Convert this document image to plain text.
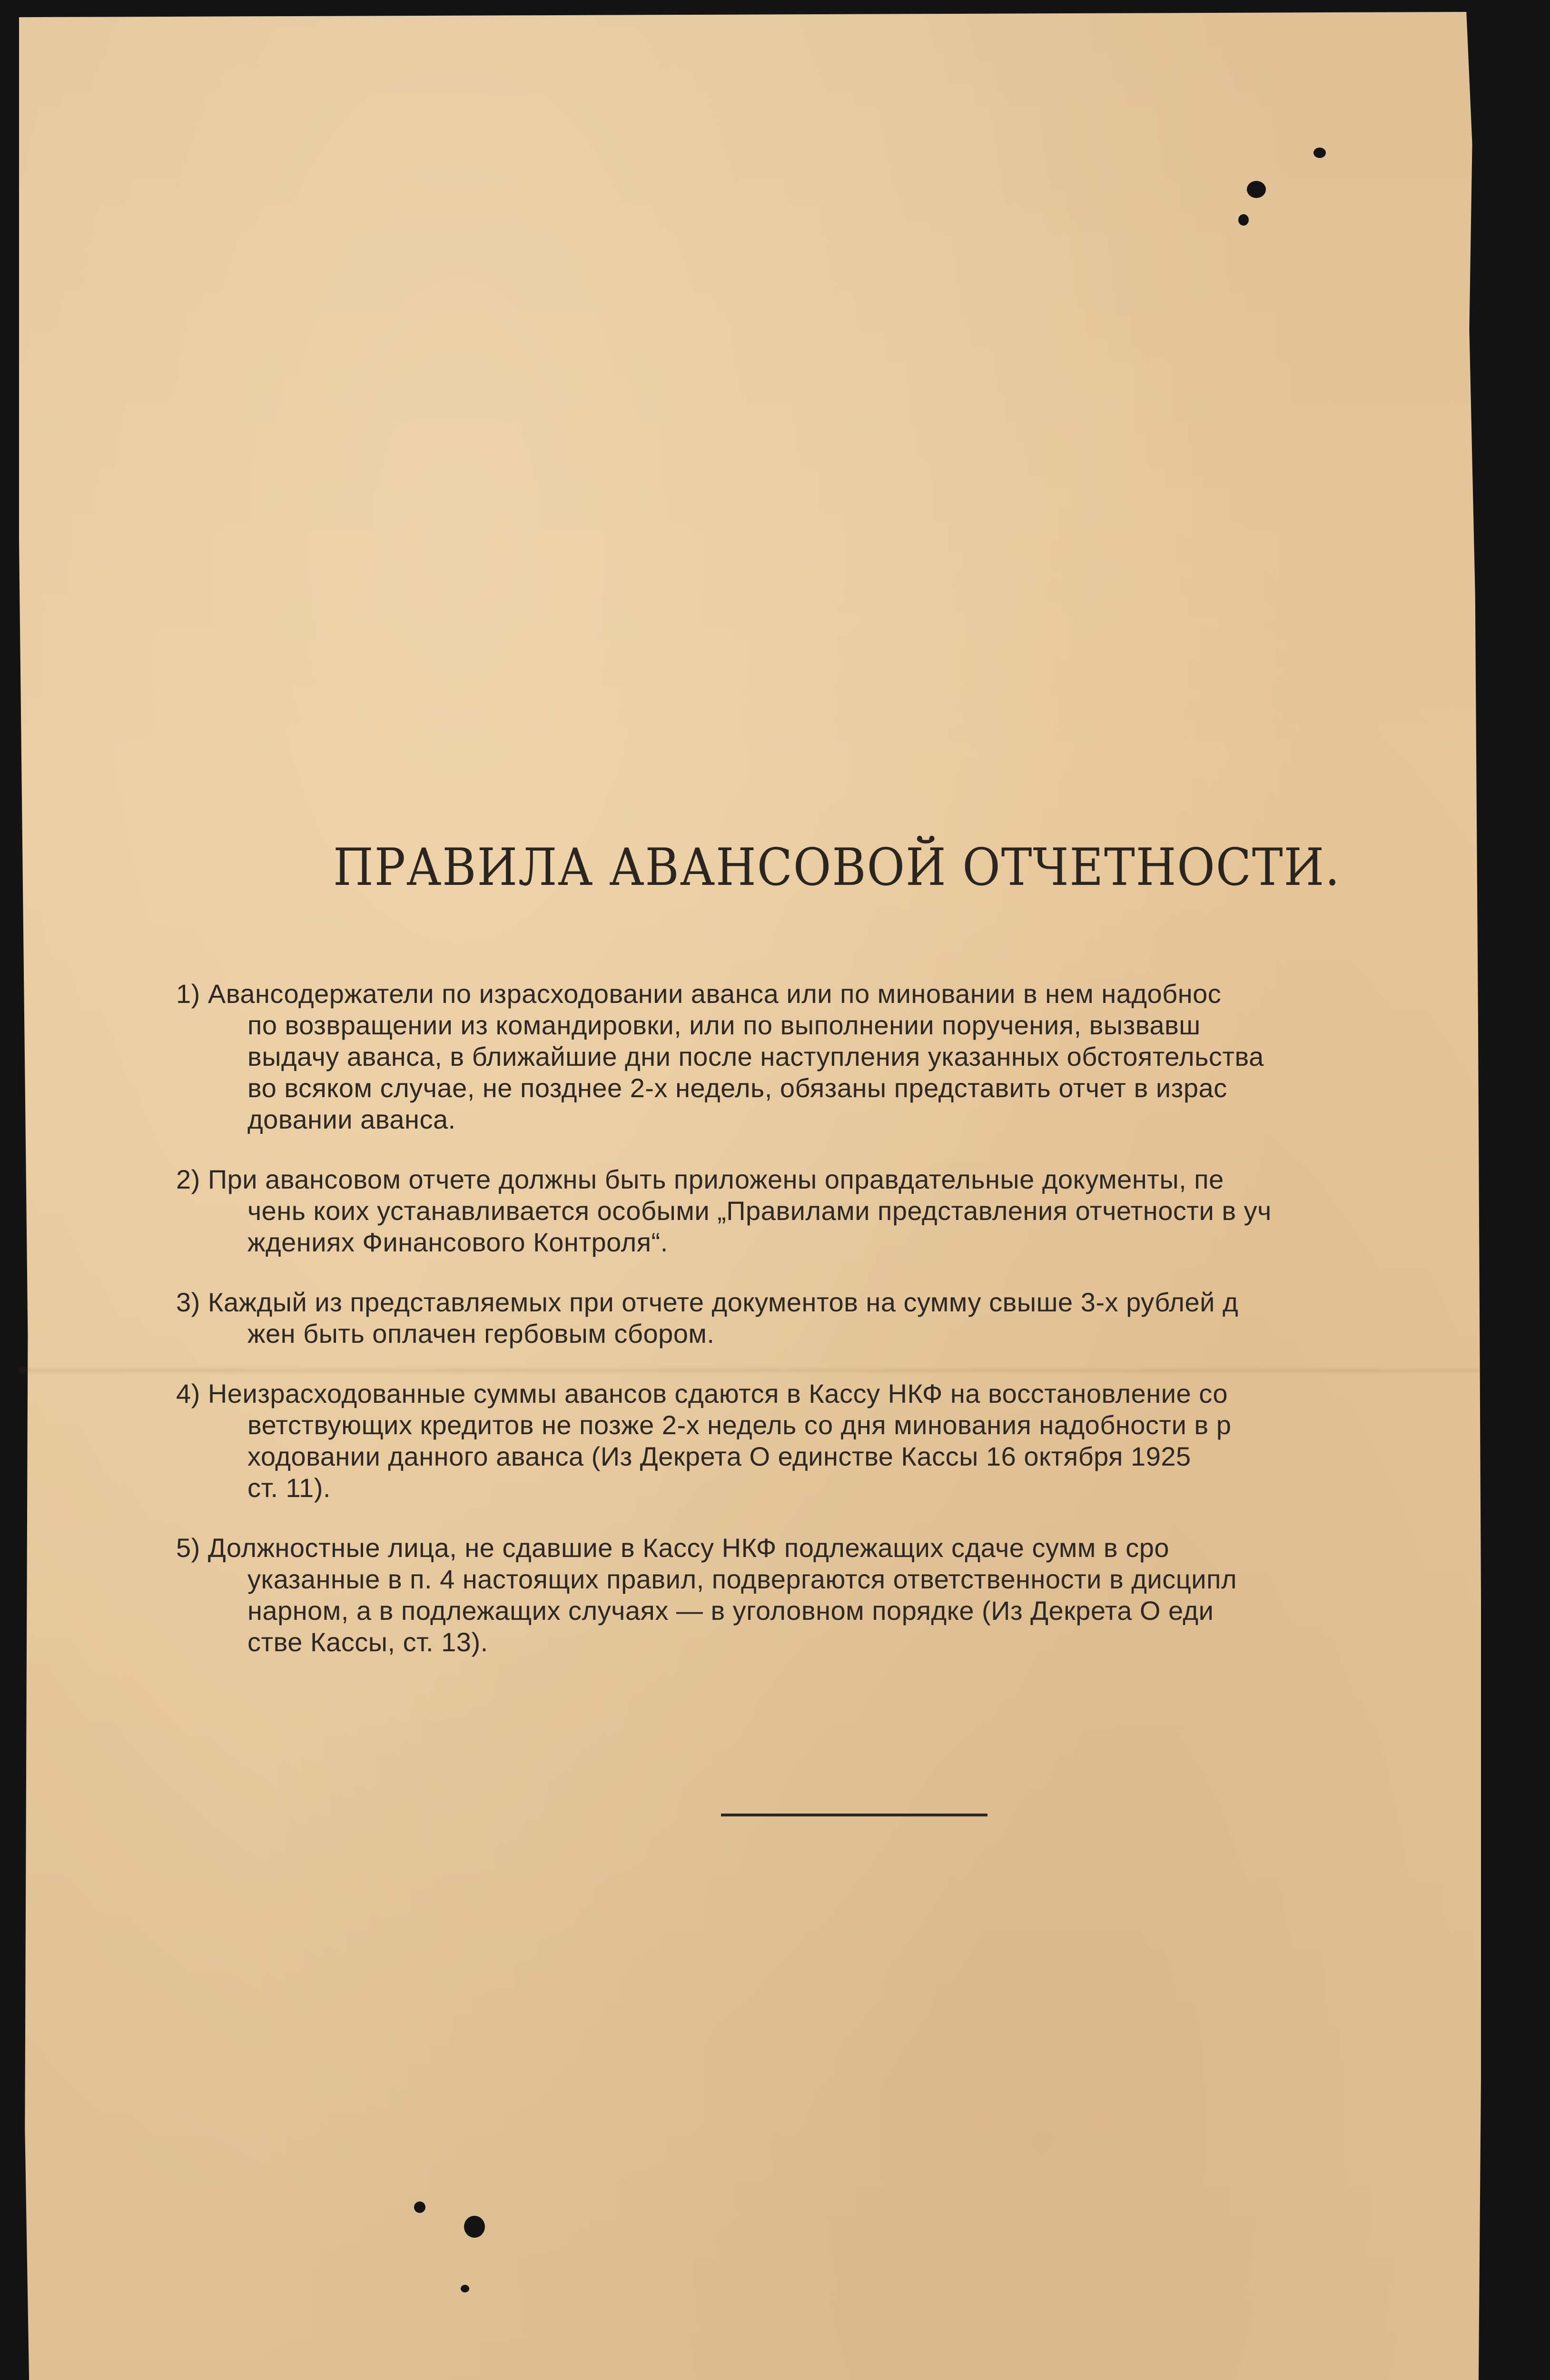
ПРАВИЛА АВАНСОВОЙ ОТЧЕТНОСТИ.
1) Авансодержатели по израсходовании аванса или по миновании в нем надобнос
по возвращении из командировки, или по выполнении поручения, вызвавш
выдачу аванса, в ближайшие дни после наступления указанных обстоятельства
во всяком случае, не позднее 2-х недель, обязаны представить отчет в израс
довании аванса.
2) При авансовом отчете должны быть приложены оправдательные документы, пе
чень коих устанавливается особыми „Правилами представления отчетности в уч
ждениях Финансового Контроля“.
3) Каждый из представляемых при отчете документов на сумму свыше 3-х рублей д
жен быть оплачен гербовым сбором.
4) Неизрасходованные суммы авансов сдаются в Кассу НКФ на восстановление со
ветствующих кредитов не позже 2-х недель со дня минования надобности в р
ходовании данного аванса (Из Декрета О единстве Кассы 16 октября 1925
ст. 11).
5) Должностные лица, не сдавшие в Кассу НКФ подлежащих сдаче сумм в сро
указанные в п. 4 настоящих правил, подвергаются ответственности в дисципл
нарном, а в подлежащих случаях — в уголовном порядке (Из Декрета О еди
стве Кассы, ст. 13).
